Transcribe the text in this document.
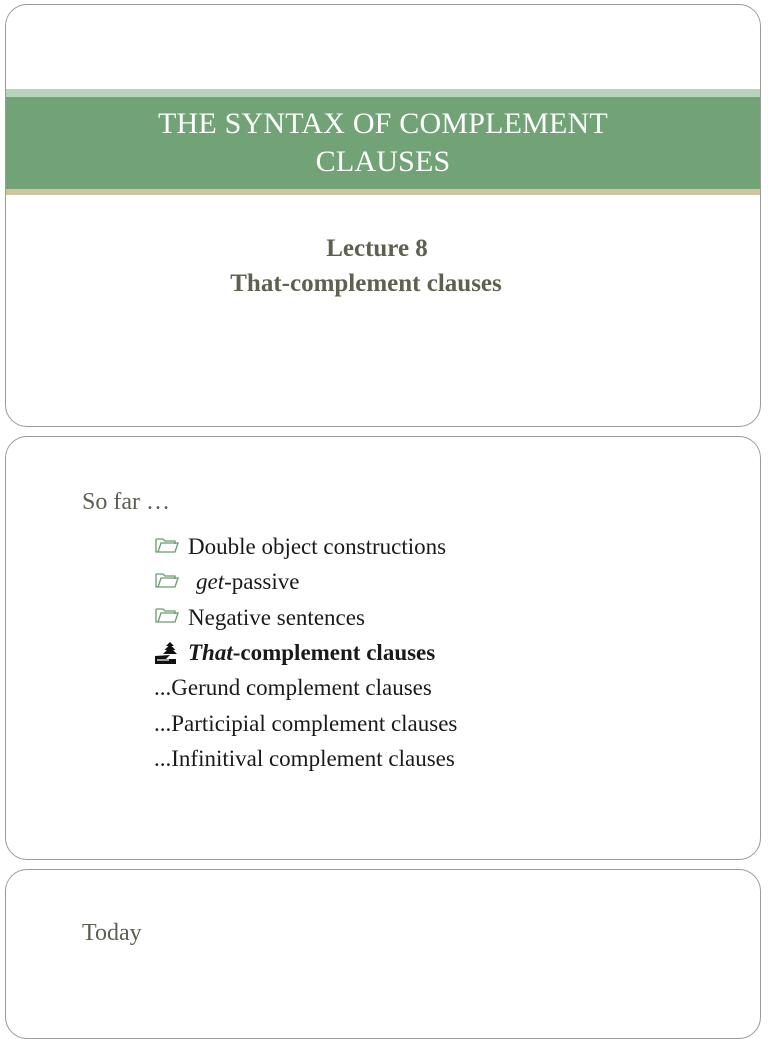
THE SYNTAX OF COMPLEMENT
CLAUSES
Lecture 8
That-complement clauses
So far …
Double object constructions
get -passive
Negative sentences
That -complement clauses
... Gerund complement clauses
... Participial complement clauses
... Infinitival complement clauses
Today
